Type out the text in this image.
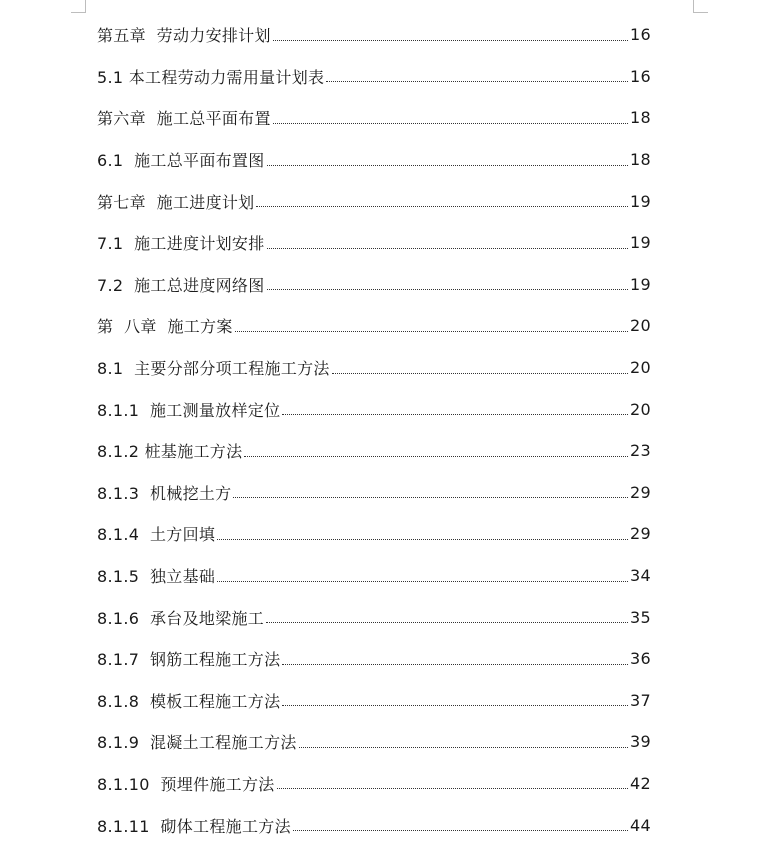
第五章  劳动力安排计划	16
5.1 本工程劳动力需用量计划表	16
第六章  施工总平面布置	18
6.1  施工总平面布置图	18
第七章  施工进度计划	19
7.1  施工进度计划安排	19
7.2  施工总进度网络图	19
第  八章  施工方案	20
8.1  主要分部分项工程施工方法	20
8.1.1  施工测量放样定位	20
8.1.2 桩基施工方法	23
8.1.3  机械挖土方	29
8.1.4  土方回填	29
8.1.5  独立基础	34
8.1.6  承台及地梁施工	35
8.1.7  钢筋工程施工方法	36
8.1.8  模板工程施工方法	37
8.1.9  混凝土工程施工方法	39
8.1.10  预埋件施工方法	42
8.1.11  砌体工程施工方法	44
